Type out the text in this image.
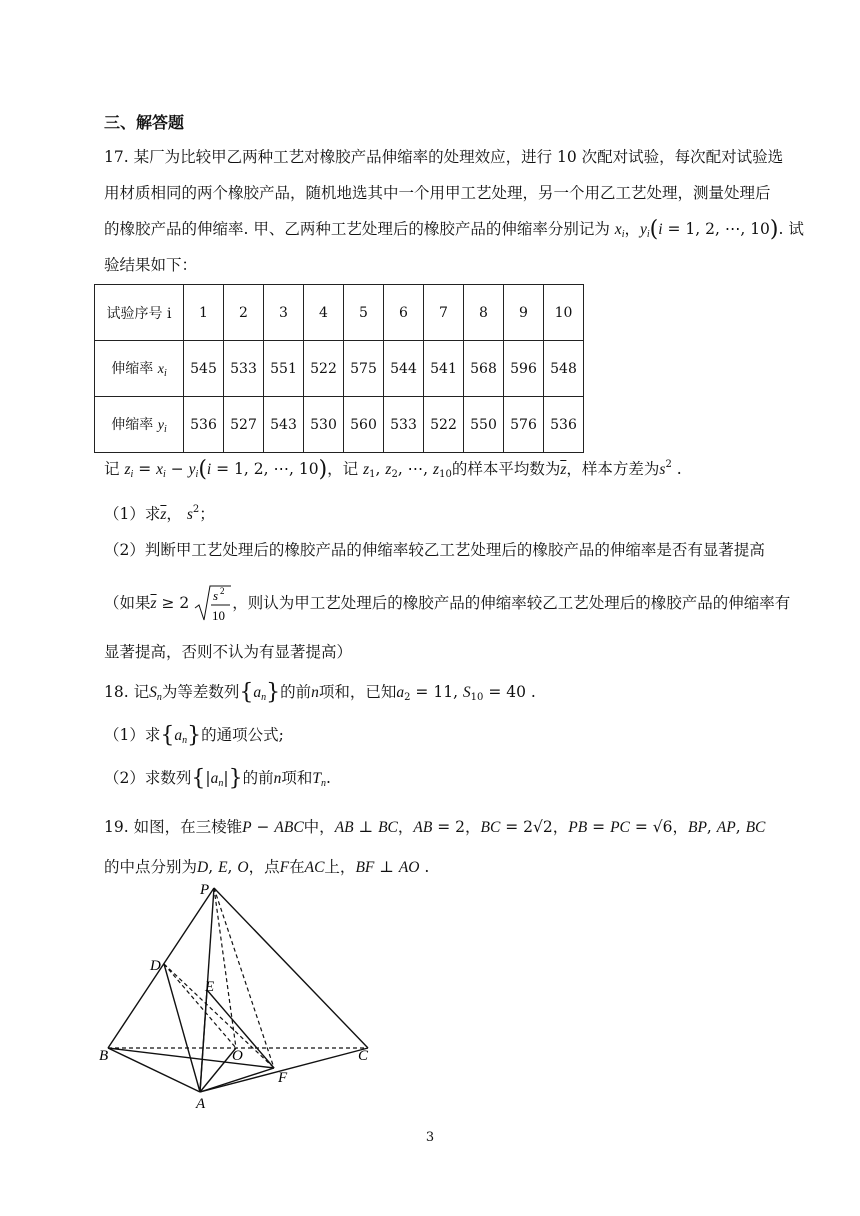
三、解答题
17. 某厂为比较甲乙两种工艺对橡胶产品伸缩率的处理效应，进行 10 次配对试验，每次配对试验选
用材质相同的两个橡胶产品，随机地选其中一个用甲工艺处理，另一个用乙工艺处理，测量处理后
的橡胶产品的伸缩率. 甲、乙两种工艺处理后的橡胶产品的伸缩率分别记为 $x_i$，$y_i(i = 1$, 2, ⋯, 10). 试
验结果如下：
试验序号 i	1	2	3	4	5	6	7	8	9	10
伸缩率 $x_i$	545	533	551	522	575	544	541	568	596	548
伸缩率 $y_i$	536	527	543	530	560	533	522	550	576	536
记 $z_i = x_i - y_i(i = 1$, 2, ⋯, 10)，记 $z_1$, $z_2$, ⋯, $z_{10}$的样本平均数为$\overline{z}$，样本方差为$s^2$ .
（1）求$\overline{z}$， $s^2$；
（2）判断甲工艺处理后的橡胶产品的伸缩率较乙工艺处理后的橡胶产品的伸缩率是否有显著提高
（如果$\overline{z} \ge 2$ s 2
10
，则认为甲工艺处理后的橡胶产品的伸缩率较乙工艺处理后的橡胶产品的伸缩率有
显著提高，否则不认为有显著提高）
18. 记$S_n$为等差数列$\{a_n\}$的前n项和，已知$a_2 = 11$, $S_{10} = 40$ .
（1）求$\{a_n\}$的通项公式;
（2）求数列$\{|a_n|\}$的前n项和$T_n$.
19. 如图，在三棱锥P − ABC中，AB ⊥ BC，AB = 2，BC = 2√2，PB = PC = √6，BP, AP, BC
的中点分别为D, E, O，点F在AC上，BF ⊥ AO .
P
D
E
B	O	C
F
A
3
